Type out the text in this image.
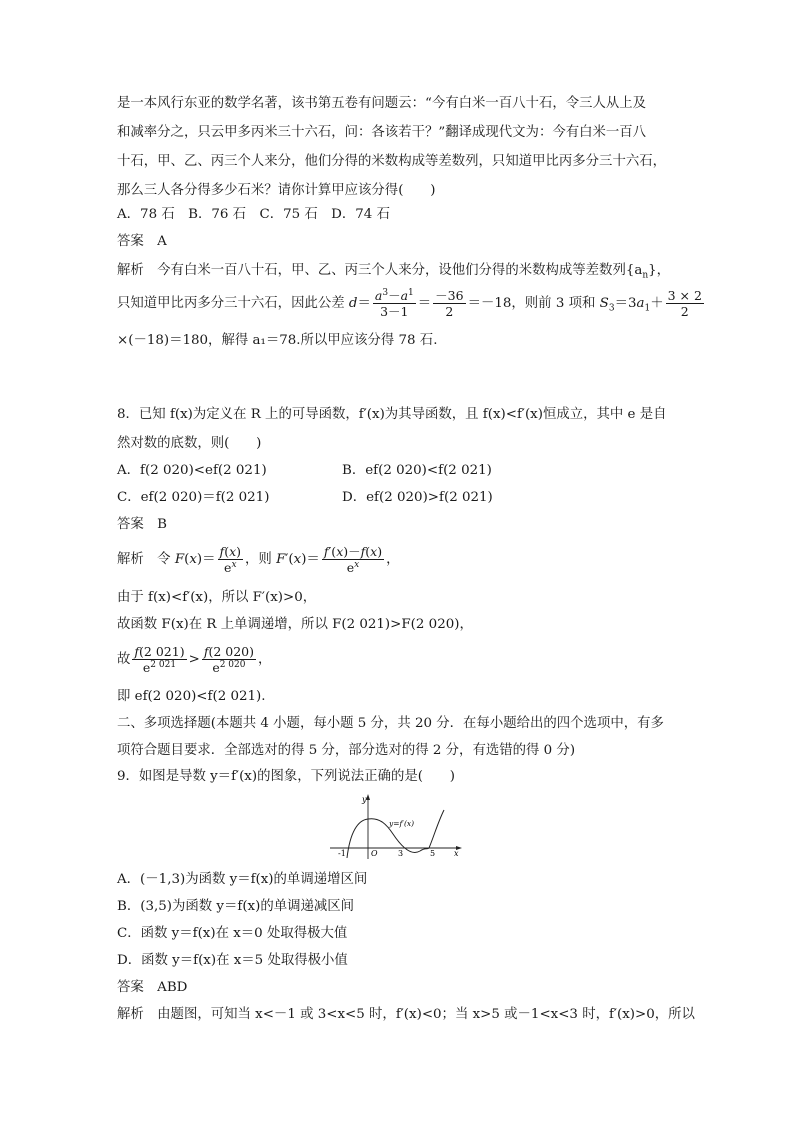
是一本风行东亚的数学名著，该书第五卷有问题云：“今有白米一百八十石，令三人从上及
和减率分之，只云甲多丙米三十六石，问：各该若干？”翻译成现代文为：今有白米一百八
十石，甲、乙、丙三个人来分，他们分得的米数构成等差数列，只知道甲比丙多分三十六石，
那么三人各分得多少石米？请你计算甲应该分得(　　)
A．78 石　B．76 石　C．75 石　D．74 石
答案　 A
解析　 今有白米一百八十石，甲、乙、丙三个人来分，设他们分得的米数构成等差数列$\{a_n\}$，
只知道甲比丙多分三十六石，因此公差 $d= \frac{a^3-a^1}{3-1} = \frac{-36}{2} =-18$，则前 3 项和 $S_3=3a_1+ \frac{3 \times 2}{2}$
×(－18)＝180，解得 a₁＝78.所以甲应该分得 78 石.
8．已知 f(x)为定义在 R 上的可导函数，f′(x)为其导函数，且 f(x)<f′(x)恒成立，其中 e 是自
然对数的底数，则(　　)
A．f(2 020)<ef(2 021)	B．ef(2 020)<f(2 021)
C．ef(2 020)＝f(2 021)	D．ef(2 020)>f(2 021)
答案　 B
解析　令 $F(x)= \frac{f(x)}{e^x}$ ，则 $F'(x)= \frac{f'(x)-f(x)}{e^x}$ ，
由于 f(x)<f′(x)，所以 F′(x)>0，
故函数 F(x)在 R 上单调递增，所以 F(2 021)>F(2 020)，
故 $\frac{f(2 021)}{e^{2 021}} > \frac{f(2 020)}{e^{2 020}}$ ，
即 ef(2 020)<f(2 021).
二、多项选择题(本题共 4 小题，每小题 5 分，共 20 分．在每小题给出的四个选项中，有多
项符合题目要求．全部选对的得 5 分，部分选对的得 2 分，有选错的得 0 分)
9．如图是导数 y＝f′(x)的图象，下列说法正确的是(　　)
y
x
y=f′(x)
O
-1	3	5
A．(－1,3)为函数 y＝f(x)的单调递增区间
B．(3,5)为函数 y＝f(x)的单调递减区间
C．函数 y＝f(x)在 x＝0 处取得极大值
D．函数 y＝f(x)在 x＝5 处取得极小值
答案　 ABD
解析　 由题图，可知当 x<－1 或 3<x<5 时，f′(x)<0；当 x>5 或－1<x<3 时，f′(x)>0，所以
